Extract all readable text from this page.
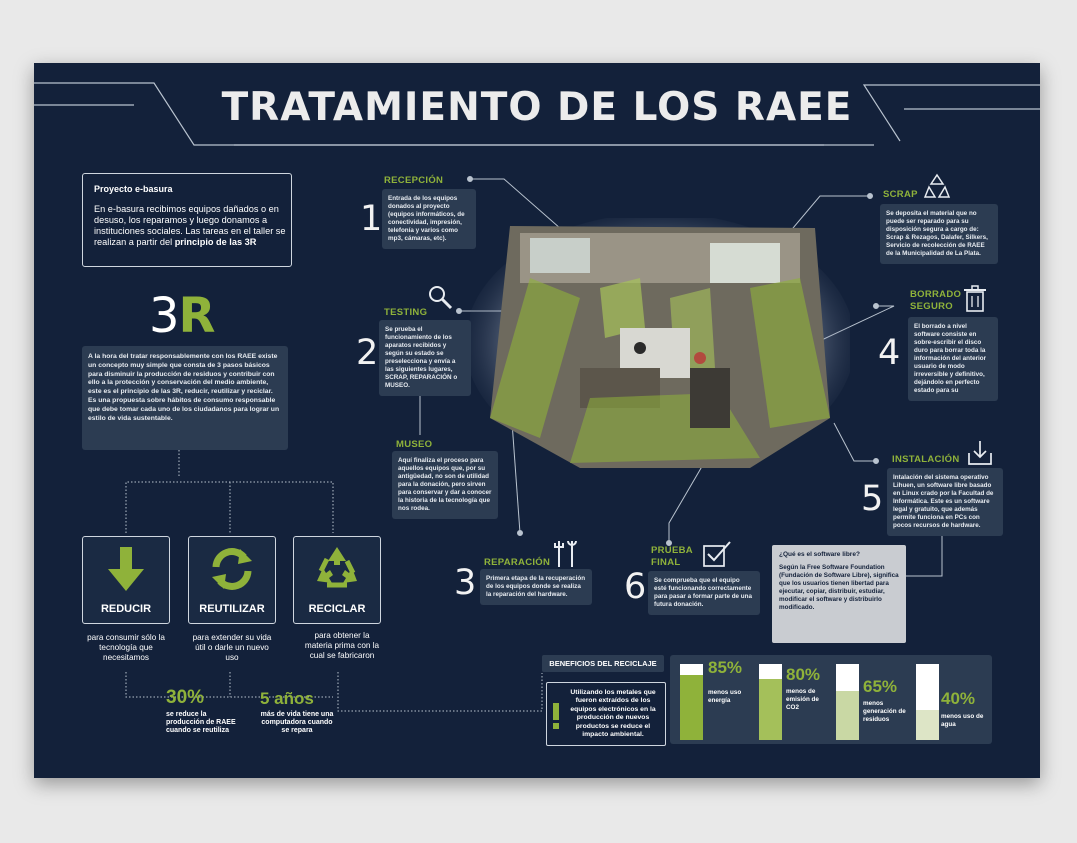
TRATAMIENTO DE LOS RAEE
Proyecto e-basura
En e-basura recibimos equipos dañados o en desuso, los reparamos y luego donamos a instituciones sociales. Las tareas en el taller se realizan a partir del principio de las 3R
3R
A la hora del tratar responsablemente con los RAEE existe un concepto muy simple que consta de 3 pasos básicos para disminuir la producción de residuos y contribuir con ello a la protección y conservación del medio ambiente, este es el principio de las 3R, reducir, reutilizar y reciclar. Es una propuesta sobre hábitos de consumo responsable que debe tomar cada uno de los ciudadanos para lograr un estilo de vida sustentable.
REDUCIR	REUTILIZAR	RECICLAR
para consumir sólo la tecnología que necesitamos
para extender su vida útil o darle un nuevo uso
para obtener la materia prima con la cual se fabricaron
30%
se reduce la producción de RAEE cuando se reutiliza
5 años
más de vida tiene una computadora cuando se repara
RECEPCIÓN
1
Entrada de los equipos donados al proyecto (equipos informáticos, de conectividad, impresión, telefonía y varios como mp3, cámaras, etc).
TESTING
2
Se prueba el funcionamiento de los aparatos recibidos y según su estado se preselecciona y envía a las siguientes lugares, SCRAP, REPARACIÓN o MUSEO.
MUSEO
Aquí finaliza el proceso para aquellos equipos que, por su antigüedad, no son de utilidad para la donación, pero sirven para conservar y dar a conocer la historia de la tecnología que nos rodea.
REPARACIÓN
3	Primera etapa de la recuperación de los equipos donde se realiza la reparación del hardware.
SCRAP
Se deposita el material que no puede ser reparado para su disposición segura a cargo de: Scrap & Rezagos, Dalafer, Silkers, Servicio de recolección de RAEE de la Municipalidad de La Plata.
BORRADO
SEGURO
4
El borrado a nivel software consiste en sobre-escribir el disco duro para borrar toda la información del anterior usuario de modo irreversible y definitivo, dejándolo en perfecto estado para su
INSTALACIÓN
5
Intalación del sistema operativo Lihuen, un software libre basado en Linux crado por la Facultad de Informática. Este es un software legal y gratuito, que además permite funciona en PCs con pocos recursos de hardware.
PRUEBA
FINAL
6	Se comprueba que el equipo esté funcionando correctamente para pasar a formar parte de una futura donación.
¿Qué es el software libre?
Según la Free Software Foundation (Fundación de Software Libre), significa que los usuarios tienen libertad para ejecutar, copiar, distribuir, estudiar, modificar el software y distribuirlo modificado.
BENEFICIOS DEL RECICLAJE
Utilizando los metales que fueron extraídos de los equipos electrónicos en la producción de nuevos productos se reduce el impacto ambiental.
85%
menos uso energía
80%
menos de emisión de CO2
65%
menos generación de residuos
40%
menos uso de agua
